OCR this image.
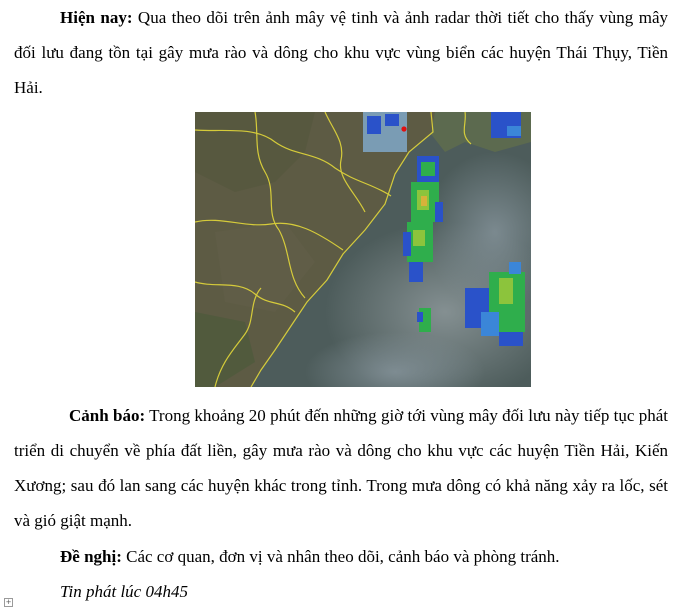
Hiện nay: Qua theo dõi trên ảnh mây vệ tinh và ảnh radar thời tiết cho thấy vùng mây đối lưu đang tồn tại gây mưa rào và dông cho khu vực vùng biển các huyện Thái Thụy, Tiền Hải.

Cảnh báo: Trong khoảng 20 phút đến những giờ tới vùng mây đối lưu này tiếp tục phát triển di chuyển về phía đất liền, gây mưa rào và dông cho khu vực các huyện Tiền Hải, Kiến Xương; sau đó lan sang các huyện khác trong tỉnh. Trong mưa dông có khả năng xảy ra lốc, sét và gió giật mạnh.

Đề nghị: Các cơ quan, đơn vị và nhân theo dõi, cảnh báo và phòng tránh.

Tin phát lúc 04h45

+
